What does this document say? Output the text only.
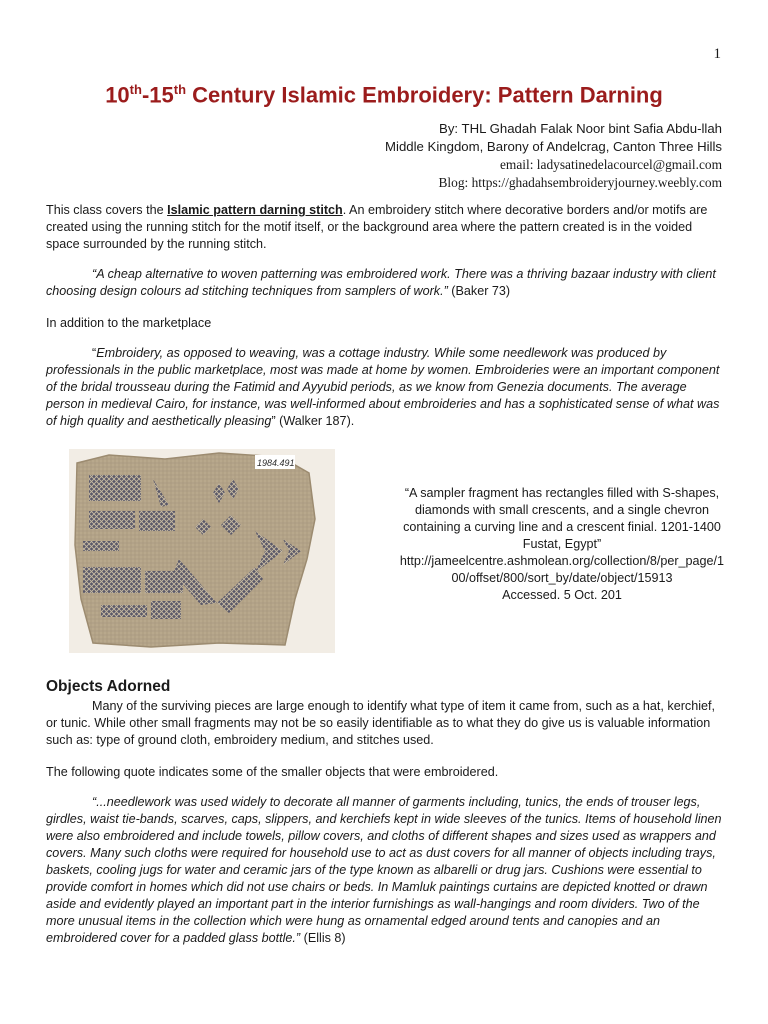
1
10th-15th Century Islamic Embroidery: Pattern Darning
By: THL Ghadah Falak Noor bint Safia Abdu-llah
Middle Kingdom, Barony of Andelcrag, Canton Three Hills
email: ladysatinedelacourcel@gmail.com
Blog: https://ghadahsembroideryjourney.weebly.com

This class covers the Islamic pattern darning stitch. An embroidery stitch where decorative borders and/or motifs are created using the running stitch for the motif itself, or the background area where the pattern created is in the voided space surrounded by the running stitch.

“A cheap alternative to woven patterning was embroidered work. There was a thriving bazaar industry with client choosing design colours ad stitching techniques from samplers of work.” (Baker 73)

In addition to the marketplace

“Embroidery, as opposed to weaving, was a cottage industry. While some needlework was produced by professionals in the public marketplace, most was made at home by women. Embroideries were an important component of the bridal trousseau during the Fatimid and Ayyubid periods, as we know from Genezia documents. The average person in medieval Cairo, for instance, was well-informed about embroideries and has a sophisticated sense of what was of high quality and aesthetically pleasing” (Walker 187).

1984.491
“A sampler fragment has rectangles filled with S-shapes, diamonds with small crescents, and a single chevron containing a curving line and a crescent finial. 1201-1400 Fustat, Egypt”
http://jameelcentre.ashmolean.org/collection/8/per_page/100/offset/800/sort_by/date/object/15913
Accessed. 5 Oct. 201
Objects Adorned

Many of the surviving pieces are large enough to identify what type of item it came from, such as a hat, kerchief, or tunic. While other small fragments may not be so easily identifiable as to what they do give us is valuable information such as: type of ground cloth, embroidery medium, and stitches used.

The following quote indicates some of the smaller objects that were embroidered.

“...needlework was used widely to decorate all manner of garments including, tunics, the ends of trouser legs, girdles, waist tie-bands, scarves, caps, slippers, and kerchiefs kept in wide sleeves of the tunics. Items of household linen were also embroidered and include towels, pillow covers, and cloths of different shapes and sizes used as wrappers and covers. Many such cloths were required for household use to act as dust covers for all manner of objects including trays, baskets, cooling jugs for water and ceramic jars of the type known as albarelli or drug jars. Cushions were essential to provide comfort in homes which did not use chairs or beds. In Mamluk paintings curtains are depicted knotted or drawn aside and evidently played an important part in the interior furnishings as wall-hangings and room dividers. Two of the more unusual items in the collection which were hung as ornamental edged around tents and canopies and an embroidered cover for a padded glass bottle.” (Ellis 8)
